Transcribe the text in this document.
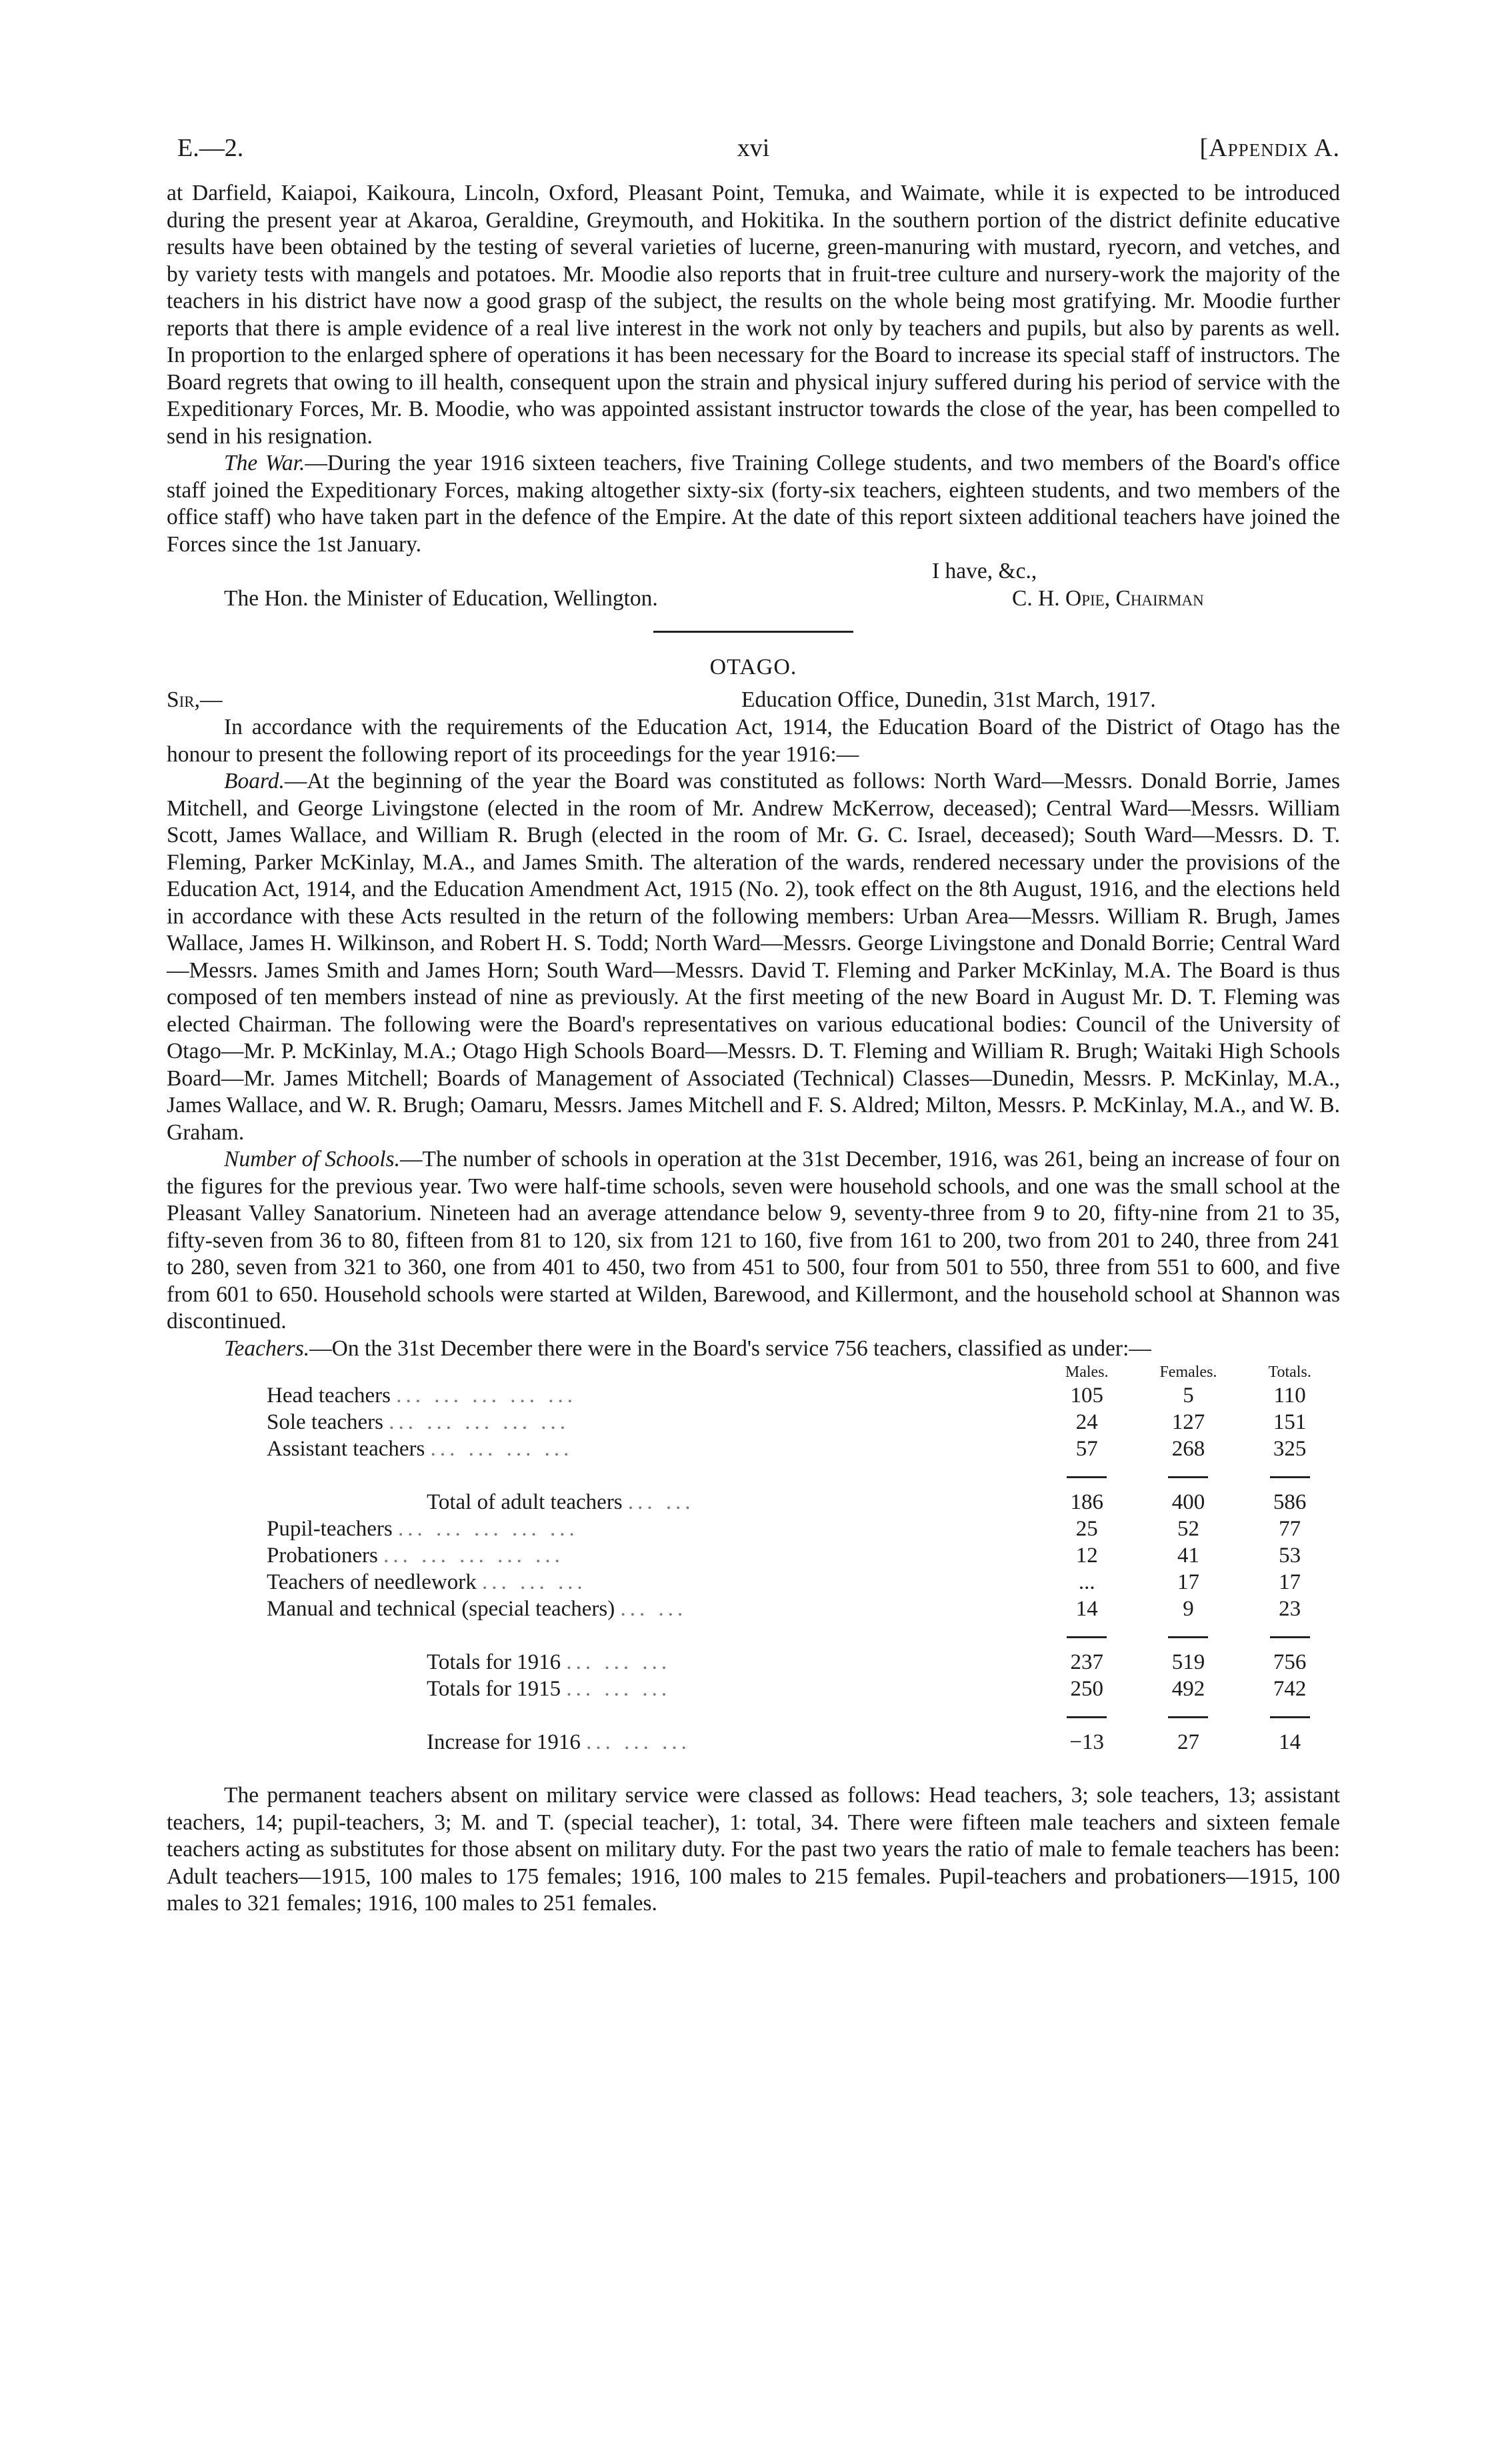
E.—2.	xvi	[Appendix A.

at Darfield, Kaiapoi, Kaikoura, Lincoln, Oxford, Pleasant Point, Temuka, and Waimate, while it is expected to be introduced during the present year at Akaroa, Geraldine, Greymouth, and Hokitika. In the southern portion of the district definite educative results have been obtained by the testing of several varieties of lucerne, green-manuring with mustard, ryecorn, and vetches, and by variety tests with mangels and potatoes. Mr. Moodie also reports that in fruit-tree culture and nursery-work the majority of the teachers in his district have now a good grasp of the subject, the results on the whole being most gratifying. Mr. Moodie further reports that there is ample evidence of a real live interest in the work not only by teachers and pupils, but also by parents as well. In proportion to the enlarged sphere of operations it has been necessary for the Board to increase its special staff of instructors. The Board regrets that owing to ill health, consequent upon the strain and physical injury suffered during his period of service with the Expeditionary Forces, Mr. B. Moodie, who was appointed assistant instructor towards the close of the year, has been compelled to send in his resignation.

The War.—During the year 1916 sixteen teachers, five Training College students, and two members of the Board's office staff joined the Expeditionary Forces, making altogether sixty-six (forty-six teachers, eighteen students, and two members of the office staff) who have taken part in the defence of the Empire. At the date of this report sixteen additional teachers have joined the Forces since the 1st January.

I have, &c.,
The Hon. the Minister of Education, Wellington.	C. H. Opie, Chairman
OTAGO.
Sir,—	Education Office, Dunedin, 31st March, 1917.

In accordance with the requirements of the Education Act, 1914, the Education Board of the District of Otago has the honour to present the following report of its proceedings for the year 1916:—

Board.—At the beginning of the year the Board was constituted as follows: North Ward—Messrs. Donald Borrie, James Mitchell, and George Livingstone (elected in the room of Mr. Andrew McKerrow, deceased); Central Ward—Messrs. William Scott, James Wallace, and William R. Brugh (elected in the room of Mr. G. C. Israel, deceased); South Ward—Messrs. D. T. Fleming, Parker McKinlay, M.A., and James Smith. The alteration of the wards, rendered necessary under the provisions of the Education Act, 1914, and the Education Amendment Act, 1915 (No. 2), took effect on the 8th August, 1916, and the elections held in accordance with these Acts resulted in the return of the following members: Urban Area—Messrs. William R. Brugh, James Wallace, James H. Wilkinson, and Robert H. S. Todd; North Ward—Messrs. George Livingstone and Donald Borrie; Central Ward—Messrs. James Smith and James Horn; South Ward—Messrs. David T. Fleming and Parker McKinlay, M.A. The Board is thus composed of ten members instead of nine as previously. At the first meeting of the new Board in August Mr. D. T. Fleming was elected Chairman. The following were the Board's representatives on various educational bodies: Council of the University of Otago—Mr. P. McKinlay, M.A.; Otago High Schools Board—Messrs. D. T. Fleming and William R. Brugh; Waitaki High Schools Board—Mr. James Mitchell; Boards of Management of Associated (Technical) Classes—Dunedin, Messrs. P. McKinlay, M.A., James Wallace, and W. R. Brugh; Oamaru, Messrs. James Mitchell and F. S. Aldred; Milton, Messrs. P. McKinlay, M.A., and W. B. Graham.

Number of Schools.—The number of schools in operation at the 31st December, 1916, was 261, being an increase of four on the figures for the previous year. Two were half-time schools, seven were household schools, and one was the small school at the Pleasant Valley Sanatorium. Nineteen had an average attendance below 9, seventy-three from 9 to 20, fifty-nine from 21 to 35, fifty-seven from 36 to 80, fifteen from 81 to 120, six from 121 to 160, five from 161 to 200, two from 201 to 240, three from 241 to 280, seven from 321 to 360, one from 401 to 450, two from 451 to 500, four from 501 to 550, three from 551 to 600, and five from 601 to 650. Household schools were started at Wilden, Barewood, and Killermont, and the household school at Shannon was discontinued.

Teachers.—On the 31st December there were in the Board's service 756 teachers, classified as under:—

	Males.	Females.	Totals.
Head teachers ... ... ... ... ...	105	5	110
Sole teachers ... ... ... ... ...	24	127	151
Assistant teachers ... ... ... ...	57	268	325

Total of adult teachers ... ...	186	400	586
Pupil-teachers ... ... ... ... ...	25	52	77
Probationers ... ... ... ... ...	12	41	53
Teachers of needlework ... ... ...	...	17	17
Manual and technical (special teachers) ... ...	14	9	23

Totals for 1916 ... ... ...	237	519	756
Totals for 1915 ... ... ...	250	492	742

Increase for 1916 ... ... ...	−13	27	14

The permanent teachers absent on military service were classed as follows: Head teachers, 3; sole teachers, 13; assistant teachers, 14; pupil-teachers, 3; M. and T. (special teacher), 1: total, 34. There were fifteen male teachers and sixteen female teachers acting as substitutes for those absent on military duty. For the past two years the ratio of male to female teachers has been: Adult teachers—1915, 100 males to 175 females; 1916, 100 males to 215 females. Pupil-teachers and probationers—1915, 100 males to 321 females; 1916, 100 males to 251 females.
